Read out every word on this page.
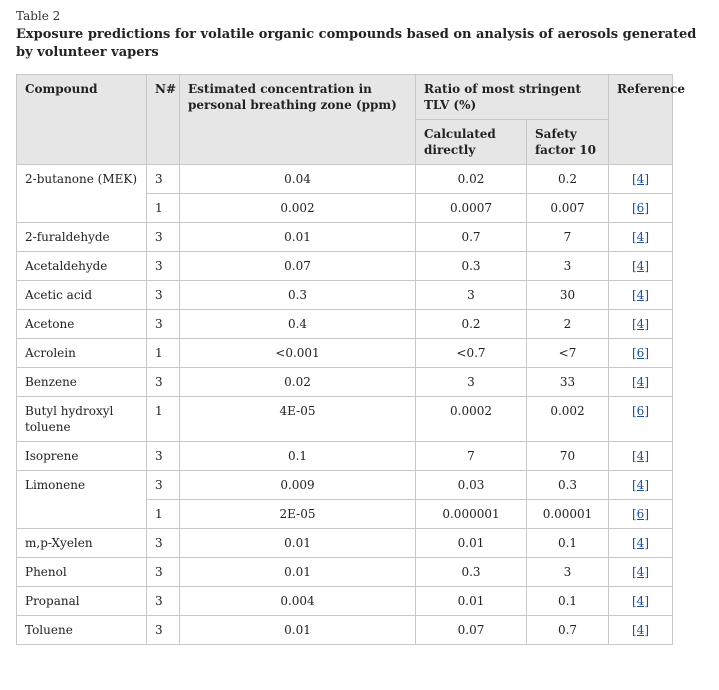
Table 2
Exposure predictions for volatile organic compounds based on analysis of aerosols generated by volunteer vapers
Compound	N#	Estimated concentration in personal breathing zone (ppm)	Ratio of most stringent TLV (%)		Reference
			Calculated directly	Safety factor 10	
2-butanone (MEK)	3	0.04	0.02	0.2	[4]
	1	0.002	0.0007	0.007	[6]
2-furaldehyde	3	0.01	0.7	7	[4]
Acetaldehyde	3	0.07	0.3	3	[4]
Acetic acid	3	0.3	3	30	[4]
Acetone	3	0.4	0.2	2	[4]
Acrolein	1	<0.001	<0.7	<7	[6]
Benzene	3	0.02	3	33	[4]
Butyl hydroxyl toluene	1	4E-05	0.0002	0.002	[6]
Isoprene	3	0.1	7	70	[4]
Limonene	3	0.009	0.03	0.3	[4]
	1	2E-05	0.000001	0.00001	[6]
m,p-Xyelen	3	0.01	0.01	0.1	[4]
Phenol	3	0.01	0.3	3	[4]
Propanal	3	0.004	0.01	0.1	[4]
Toluene	3	0.01	0.07	0.7	[4]
